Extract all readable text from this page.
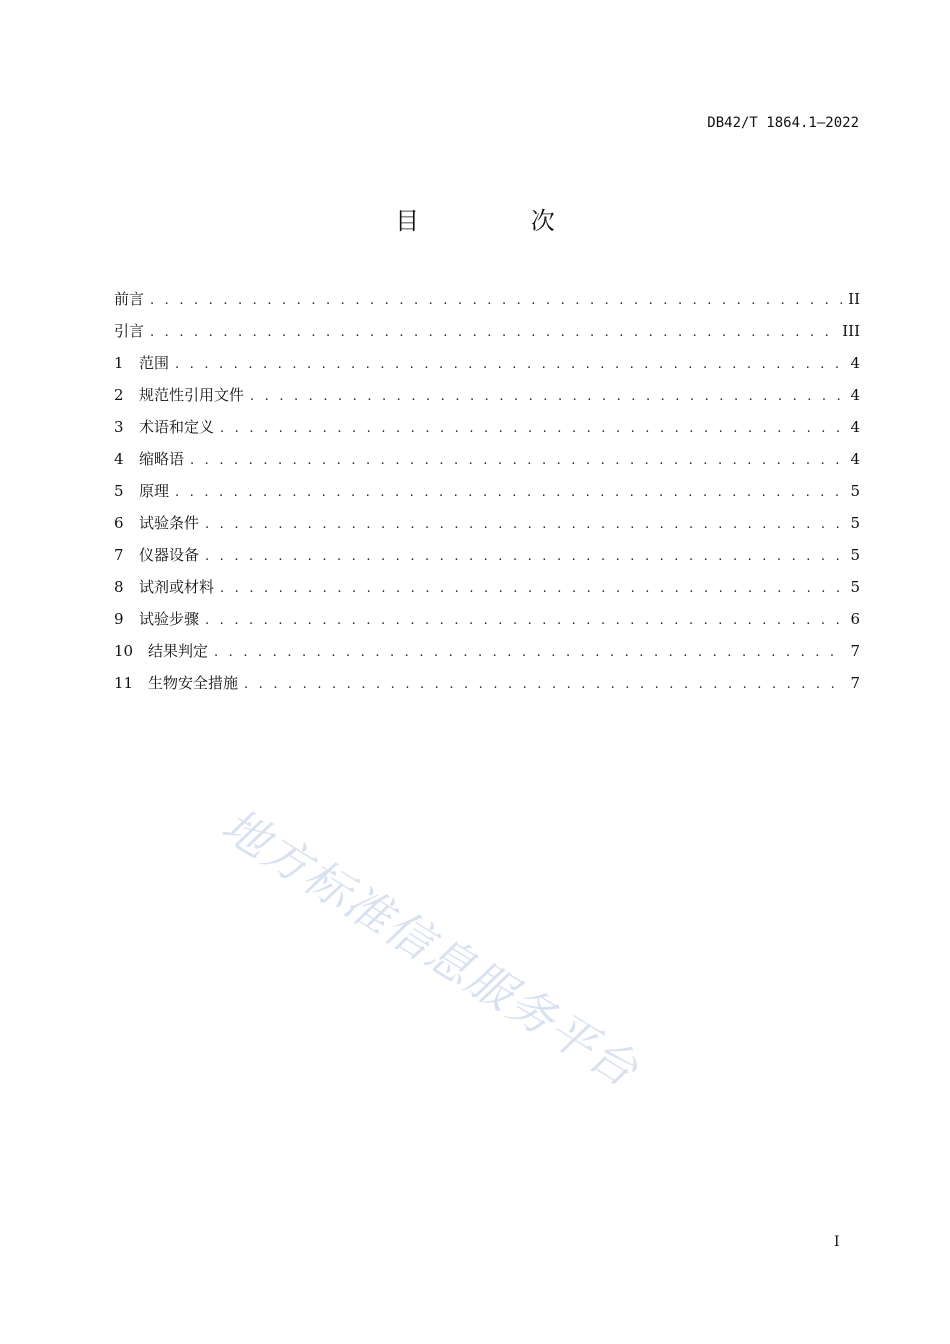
DB42/T 1864.1—2022
目 次
前言 . . .	II
引言 . . .	III
1	范围 . . .	4
2	规范性引用文件 . . .	4
3	术语和定义 . . .	4
4	缩略语 . . .	4
5	原理 . . .	5
6	试验条件 . . .	5
7	仪器设备 . . .	5
8	试剂或材料 . . .	5
9	试验步骤 . . .	6
10 结果判定 . . .	7
11 生物安全措施 . . .	7
地方标准信息服务平台
I
